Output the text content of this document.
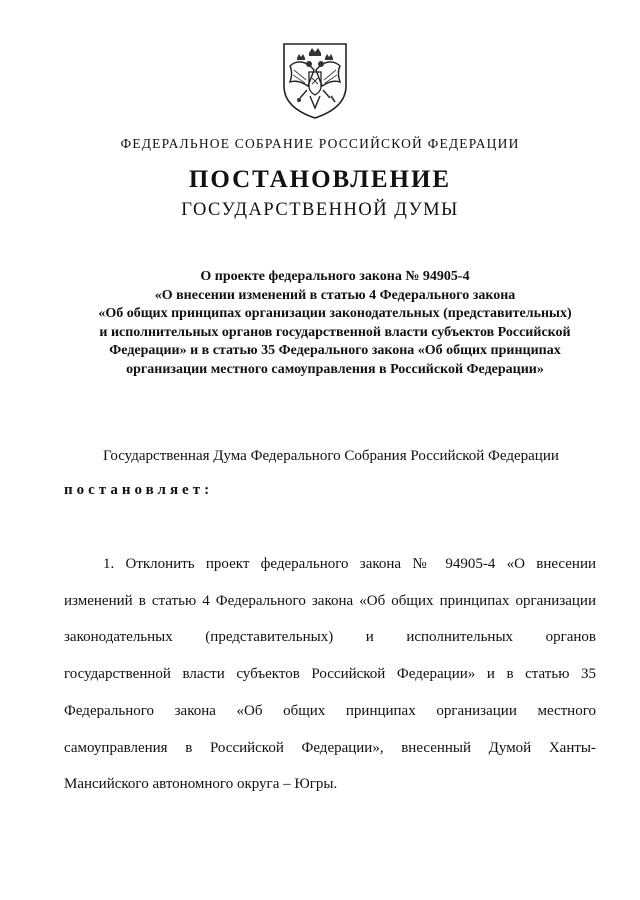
ФЕДЕРАЛЬНОЕ СОБРАНИЕ РОССИЙСКОЙ ФЕДЕРАЦИИ
ПОСТАНОВЛЕНИЕ
ГОСУДАРСТВЕННОЙ ДУМЫ
О проекте федерального закона № 94905-4
«О внесении изменений в статью 4 Федерального закона
«Об общих принципах организации законодательных (представительных)
и исполнительных органов государственной власти субъектов Российской
Федерации» и в статью 35 Федерального закона «Об общих принципах
организации местного самоуправления в Российской Федерации»
Государственная Дума Федерального Собрания Российской Федерации
постановляет:
1. Отклонить проект федерального закона № 94905-4 «О внесении
изменений в статью 4 Федерального закона «Об общих принципах организации
законодательных (представительных) и исполнительных органов
государственной власти субъектов Российской Федерации» и в статью 35
Федерального закона «Об общих принципах организации местного
самоуправления в Российской Федерации», внесенный Думой Ханты-
Мансийского автономного округа – Югры.
